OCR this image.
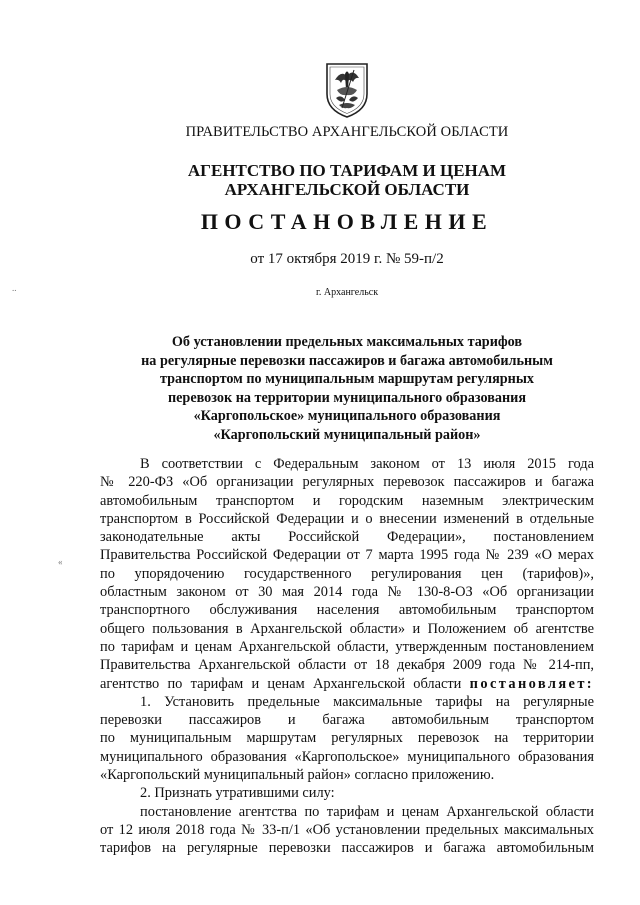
ПРАВИТЕЛЬСТВО АРХАНГЕЛЬСКОЙ ОБЛАСТИ
АГЕНТСТВО ПО ТАРИФАМ И ЦЕНАМ
АРХАНГЕЛЬСКОЙ ОБЛАСТИ
ПОСТАНОВЛЕНИЕ
от 17 октября 2019 г. № 59-п/2
г. Архангельск
Об установлении предельных максимальных тарифов
на регулярные перевозки пассажиров и багажа автомобильным
транспортом по муниципальным маршрутам регулярных
перевозок на территории муниципального образования
«Каргопольское» муниципального образования
«Каргопольский муниципальный район»
В соответствии с Федеральным законом от 13 июля 2015 года
№ 220-ФЗ «Об организации регулярных перевозок пассажиров и багажа
автомобильным транспортом и городским наземным электрическим
транспортом в Российской Федерации и о внесении изменений в отдельные
законодательные акты Российской Федерации», постановлением
Правительства Российской Федерации от 7 марта 1995 года № 239 «О мерах
по упорядочению государственного регулирования цен (тарифов)»,
областным законом от 30 мая 2014 года № 130-8-ОЗ «Об организации
транспортного обслуживания населения автомобильным транспортом
общего пользования в Архангельской области» и Положением об агентстве
по тарифам и ценам Архангельской области, утвержденным постановлением
Правительства Архангельской области от 18 декабря 2009 года № 214-пп,
агентство по тарифам и ценам Архангельской области постановляет:
1. Установить предельные максимальные тарифы на регулярные
перевозки пассажиров и багажа автомобильным транспортом
по муниципальным маршрутам регулярных перевозок на территории
муниципального образования «Каргопольское» муниципального образования
«Каргопольский муниципальный район» согласно приложению.
2. Признать утратившими силу:
постановление агентства по тарифам и ценам Архангельской области
от 12 июля 2018 года № 33-п/1 «Об установлении предельных максимальных
тарифов на регулярные перевозки пассажиров и багажа автомобильным
..
«
